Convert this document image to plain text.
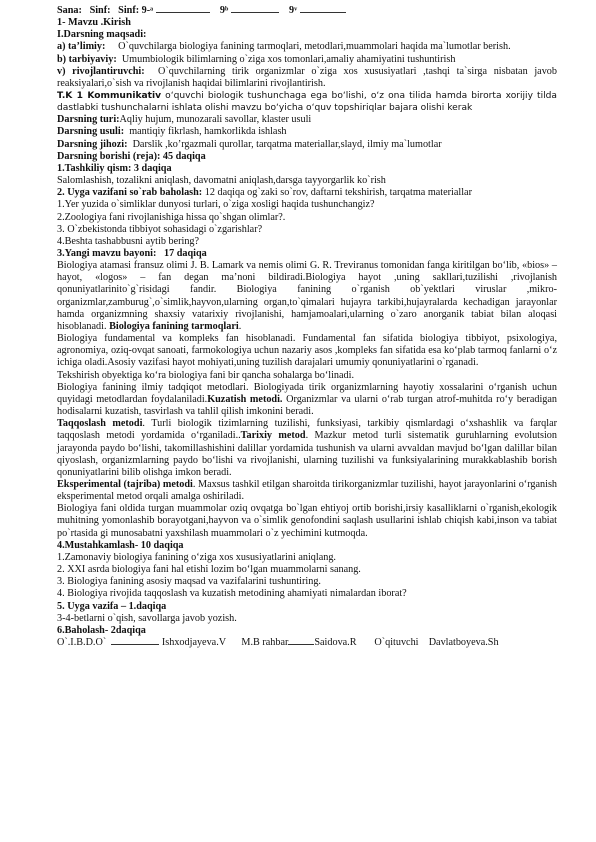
Sana: Sinf: Sinf: 9-ᵃ	9ᵇ	9ᵛ

1- Mavzu .Kirish

I.Darsning maqsadi:

a) ta’limiy: O`quvchilarga biologiya fanining tarmoqlari, metodlari,muammolari haqida ma`lumotlar berish.

b) tarbiyaviy: Umumbiologik bilimlarning o`ziga xos tomonlari,amaliy ahamiyatini tushuntirish

v) rivojlantiruvchi: O`quvchilarning tirik organizmlar o`ziga xos xususiyatlari ,tashqi ta`sirga nisbatan javob reaksiyalari,o`sish va rivojlanish haqidai bilimlarini rivojlantirish.

T.K 1 Kommunikativ o‘quvchi biologik tushunchaga ega bo‘lishi, o‘z ona tilida hamda birorta xorijiy tilda dastlabki tushunchalarni ishlata olishi mavzu bo‘yicha o‘quv topshiriqlar bajara olishi kerak

Darsning turi:Aqliy hujum, munozarali savollar, klaster usuli

Darsning usuli: mantiqiy fikrlash, hamkorlikda ishlash

Darsning jihozi: Darslik ,ko’rgazmali qurollar, tarqatma materiallar,slayd, ilmiy ma`lumotlar

Darsning borishi (reja): 45 daqiqa

1.Tashkiliy qism: 3 daqiqa

Salomlashish, tozalikni aniqlash, davomatni aniqlash,darsga tayyorgarlik ko`rish

2. Uyga vazifani so`rab baholash: 12 daqiqa og`zaki so`rov, daftarni tekshirish, tarqatma materiallar

1.Yer yuzida o`simliklar dunyosi turlari, o`ziga xosligi haqida tushunchangiz?

2.Zoologiya fani rivojlanishiga hissa qo`shgan olimlar?.

3. O`zbekistonda tibbiyot sohasidagi o`zgarishlar?

4.Beshta tashabbusni aytib bering?

3.Yangi mavzu bayoni: 17 daqiqa

Biologiya atamasi fransuz olimi J. B. Lamark va nemis olimi G. R. Treviranus tomonidan fanga kiritilgan bo‘lib, «bios» – hayot, «logos» – fan degan ma’noni bildiradi.Biologiya hayot ,uning sakllari,tuzilishi ,rivojlanish qonuniyatlarinito`g`risidagi fandir. Biologiya fanining o`rganish ob`yektlari viruslar ,mikro-organizmlar,zamburug`,o`simlik,hayvon,ularning organ,to`qimalari hujayra tarkibi,hujayralarda kechadigan jarayonlar hamda organizmning shaxsiy vatarixiy rivojlanishi, hamjamoalari,ularning o`zaro anorganik tabiat bilan aloqasi hisoblanadi. Biologiya fanining tarmoqlari.

Biologiya fundamental va kompleks fan hisoblanadi. Fundamental fan sifatida biologiya tibbiyot, psixologiya, agronomiya, oziq-ovqat sanoati, farmokologiya uchun nazariy asos ,kompleks fan sifatida esa ko‘plab tarmoq fanlarni o‘z ichiga oladi.Asosiy vazifasi hayot mohiyati,uning tuzilish darajalari umumiy qonuniyatlarini o`rganadi.

Tekshirish obyektiga ko‘ra biologiya fani bir qancha sohalarga bo‘linadi.

Biologiya fanining ilmiy tadqiqot metodlari. Biologiyada tirik organizmlarning hayotiy xossalarini o‘rganish uchun quyidagi metodlardan foydalaniladi.Kuzatish metodi. Organizmlar va ularni o‘rab turgan atrof-muhitda ro‘y beradigan hodisalarni kuzatish, tasvirlash va tahlil qilish imkonini beradi.

Taqqoslash metodi. Turli biologik tizimlarning tuzilishi, funksiyasi, tarkibiy qismlardagi o‘xshashlik va farqlar taqqoslash metodi yordamida o‘rganiladi..Tarixiy metod. Mazkur metod turli sistematik guruhlarning evolutsion jarayonda paydo bo‘lishi, takomillashishini dalillar yordamida tushunish va ularni avvaldan mavjud bo‘lgan dalillar bilan qiyoslash, organizmlarning paydo bo‘lishi va rivojlanishi, ularning tuzilishi va funksiyalarining murakkablashib borish qonuniyatlarini bilib olishga imkon beradi.

Eksperimental (tajriba) metodi. Maxsus tashkil etilgan sharoitda tirikorganizmlar tuzilishi, hayot jarayonlarini o‘rganish eksperimental metod orqali amalga oshiriladi.

Biologiya fani oldida turgan muammolar oziq ovqatga bo`lgan ehtiyoj ortib borishi,irsiy kasalliklarni o`rganish,ekologik muhitning yomonlashib borayotgani,hayvon va o`simlik genofondini saqlash usullarini ishlab chiqish kabi,inson va tabiat po`rtasida gi munosabatni yaxshilash muammolari o`z yechimini kutmoqda.

4.Mustahkamlash- 10 daqiqa

1.Zamonaviy biologiya fanining o‘ziga xos xususiyatlarini aniqlang.

2. XXI asrda biologiya fani hal etishi lozim bo‘lgan muammolarni sanang.

3. Biologiya fanining asosiy maqsad va vazifalarini tushuntiring.

4. Biologiya rivojida taqqoslash va kuzatish metodining ahamiyati nimalardan iborat?

5. Uyga vazifa – 1.daqiqa

3-4-betlarni o`qish, savollarga javob yozish.

6.Baholash- 2daqiqa

O`.I.B.D.O`	Ishxodjayeva.V M.B rahbar	Saidova.R O`qituvchi Davlatboyeva.Sh
